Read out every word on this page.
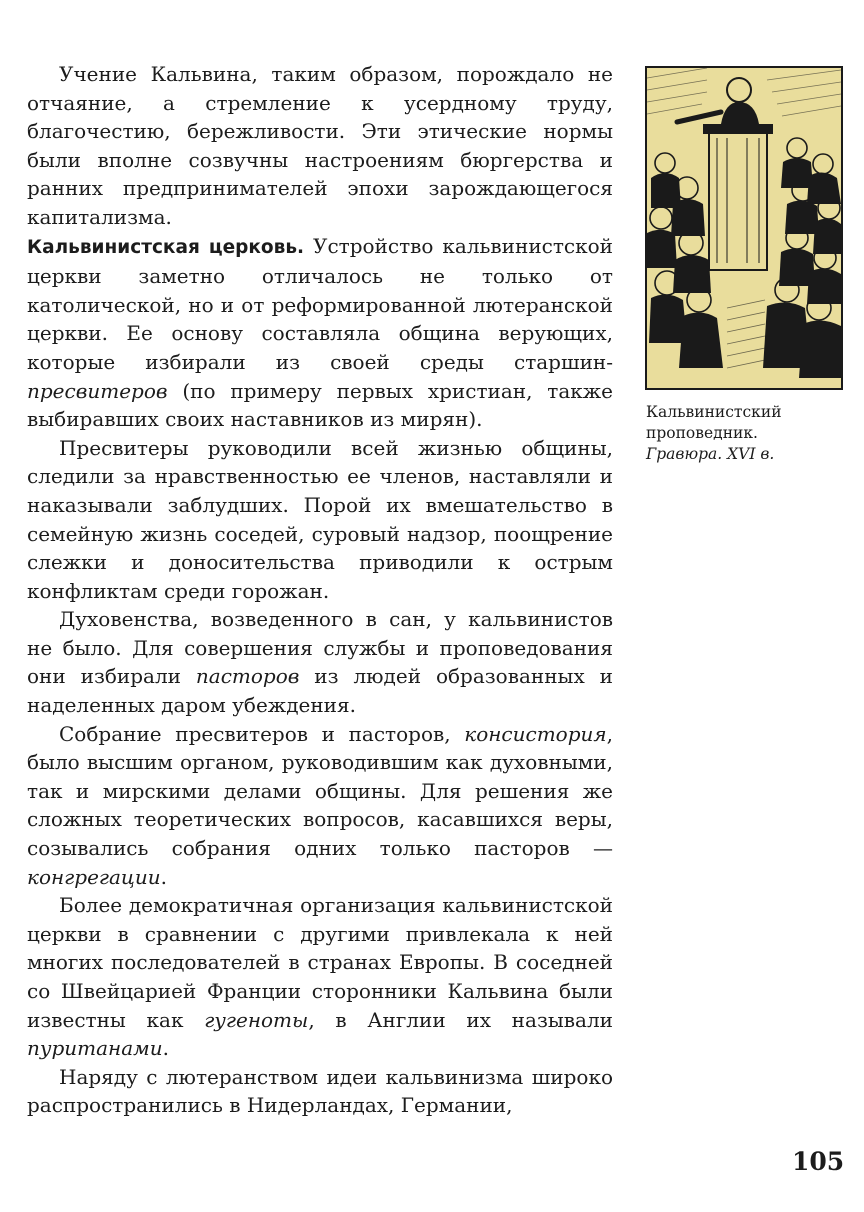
Учение Кальвина, таким образом, порождало не отчаяние, а стремление к усердному труду, благочестию, бережливости. Эти этические нормы были вполне созвучны настроениям бюргерства и ранних предпринимателей эпохи зарождающегося капитализма.

Кальвинистская церковь. Устройство кальвинистской церкви заметно отличалось не только от католической, но и от реформированной лютеранской церкви. Ее основу составляла община верующих, которые избирали из своей среды старшин-пресвитеров (по примеру первых христиан, также выбиравших своих наставников из мирян).

Пресвитеры руководили всей жизнью общины, следили за нравственностью ее членов, наставляли и наказывали заблудших. Порой их вмешательство в семейную жизнь соседей, суровый надзор, поощрение слежки и доносительства приводили к острым конфликтам среди горожан.

Духовенства, возведенного в сан, у кальвинистов не было. Для совершения службы и проповедования они избирали пасторов из людей образованных и наделенных даром убеждения.

Собрание пресвитеров и пасторов, консистория, было высшим органом, руководившим как духовными, так и мирскими делами общины. Для решения же сложных теоретических вопросов, касавшихся веры, созывались собрания одних только пасторов — конгрегации.

Более демократичная организация кальвинистской церкви в сравнении с другими привлекала к ней многих последователей в странах Европы. В соседней со Швейцарией Франции сторонники Кальвина были известны как гугеноты, в Англии их называли пуританами.

Наряду с лютеранством идеи кальвинизма широко распространились в Нидерландах, Германии,

Кальвинистский
проповедник.
Гравюра. XVI в.
105
